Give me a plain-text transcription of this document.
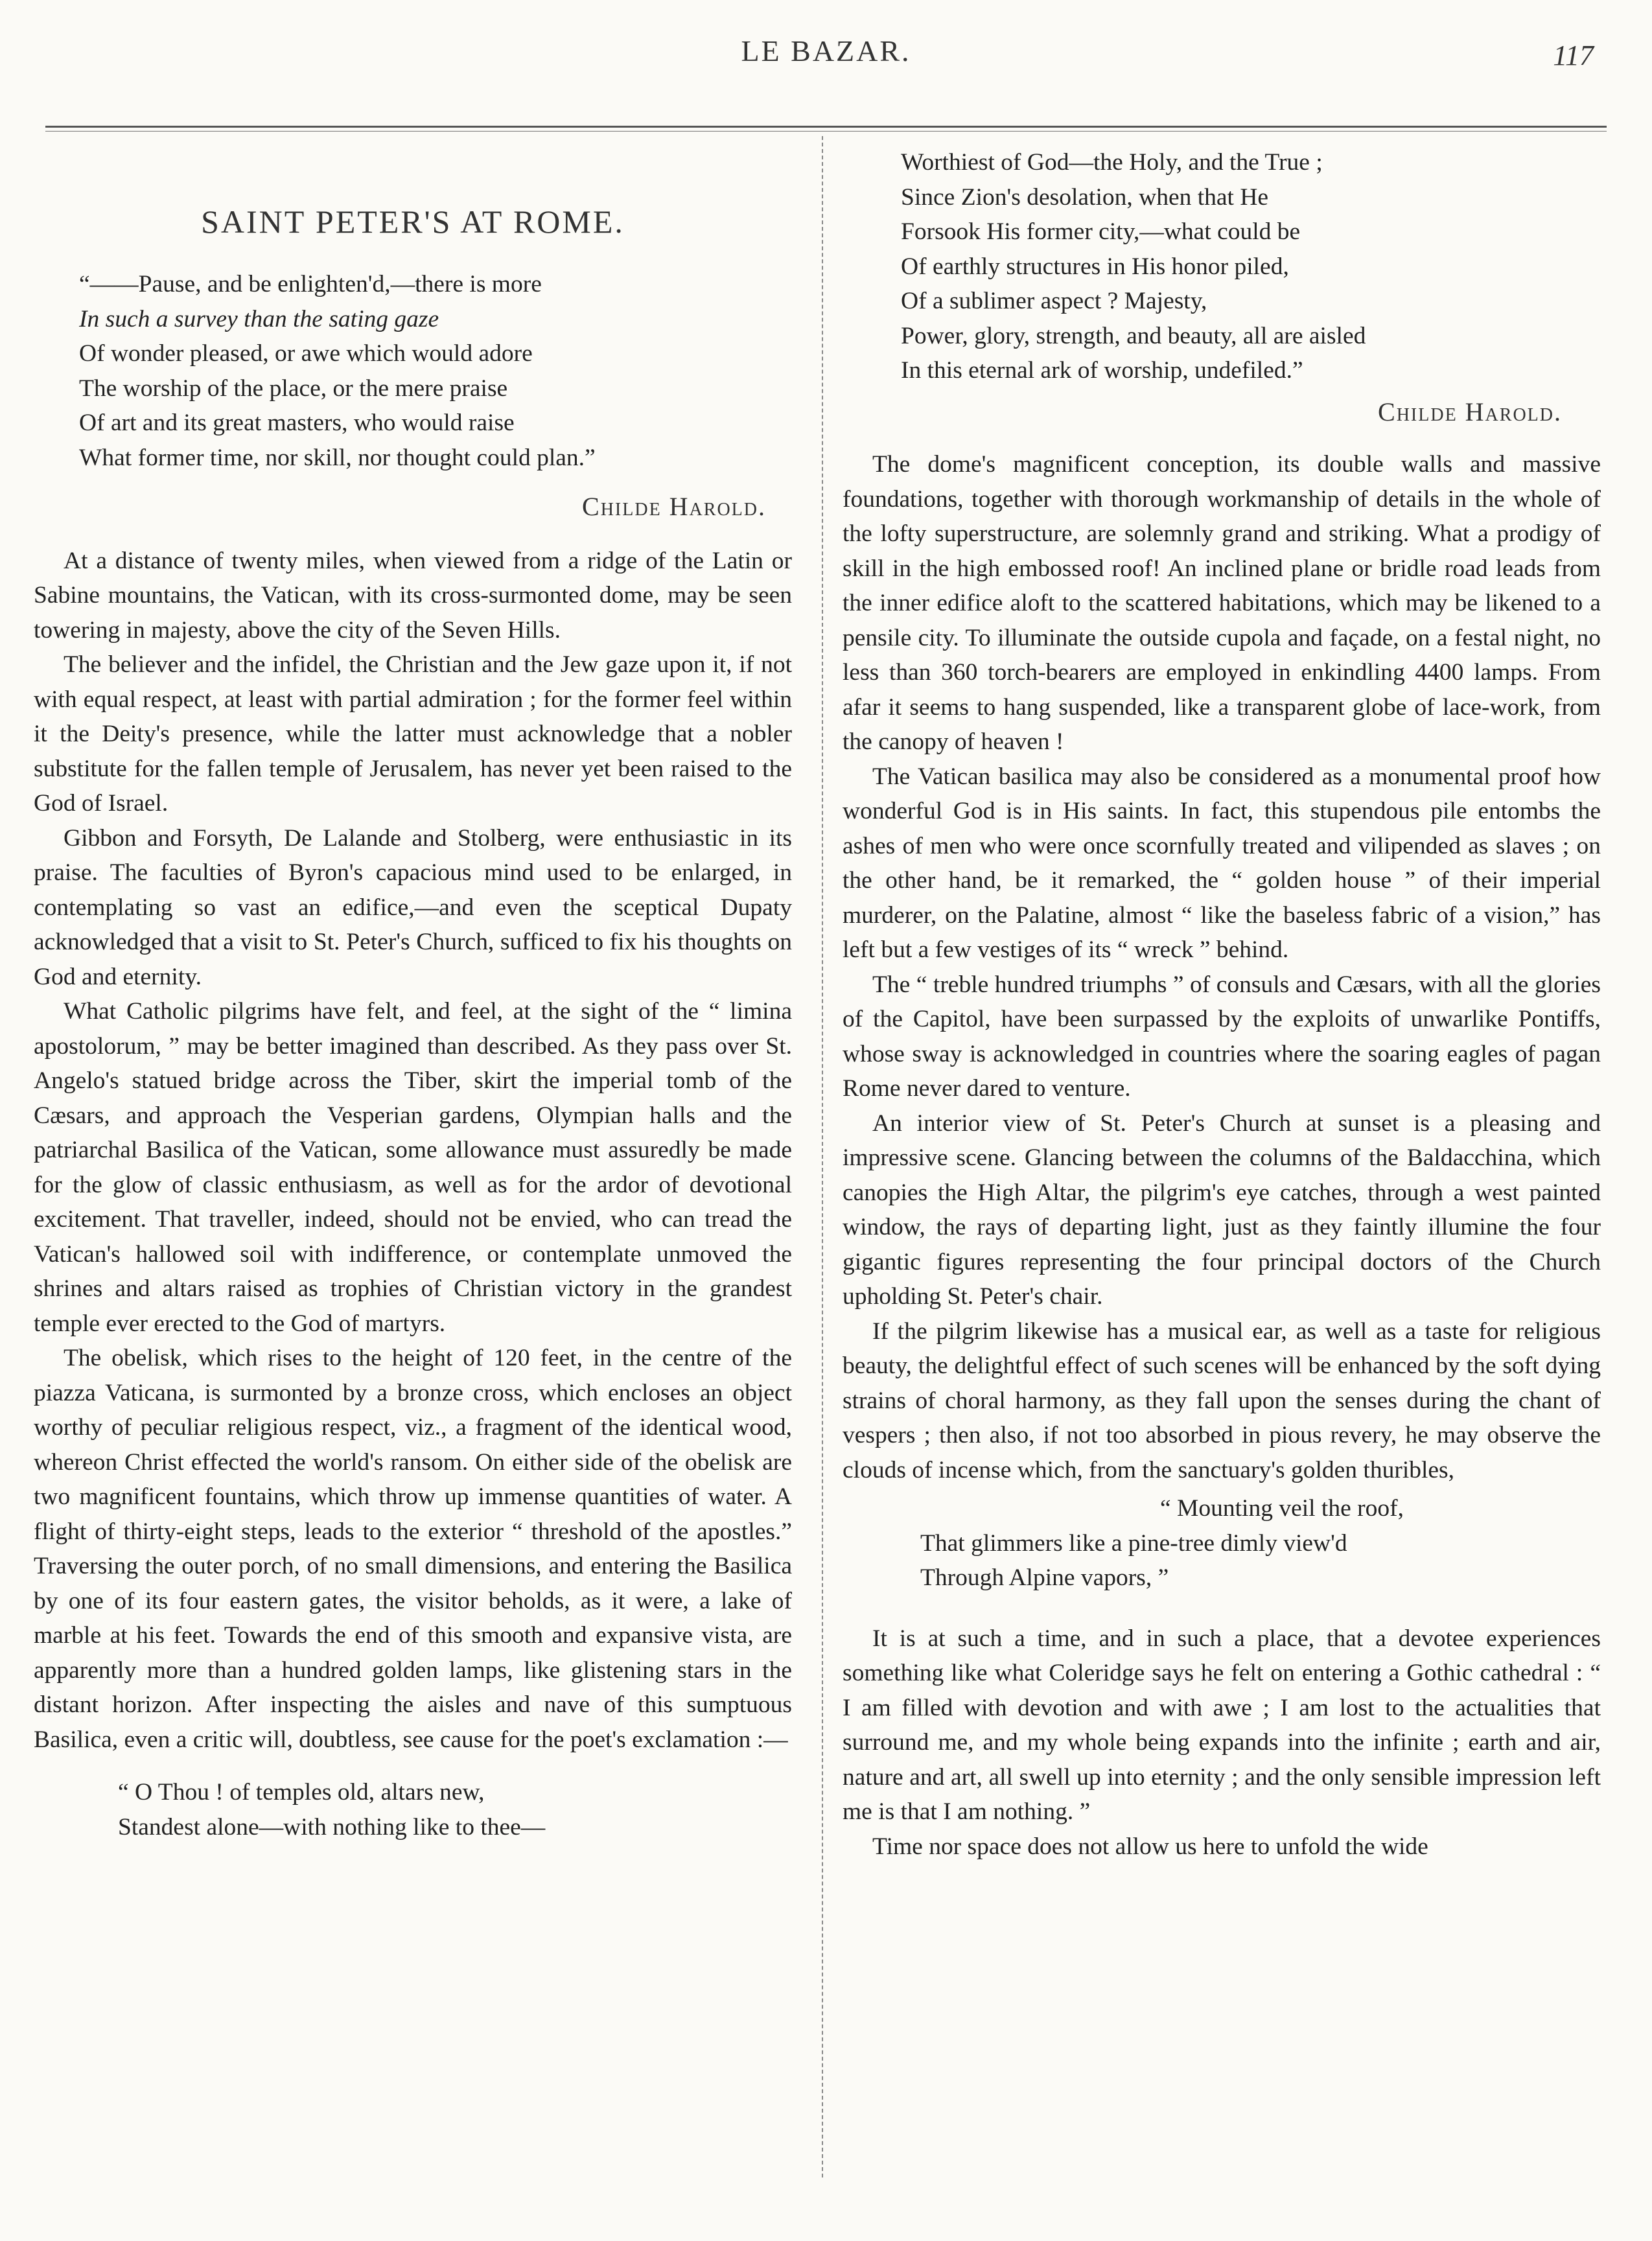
LE BAZAR.	117
SAINT PETER'S AT ROME.
“——Pause, and be enlighten'd,—there is more
In such a survey than the sating gaze
Of wonder pleased, or awe which would adore
The worship of the place, or the mere praise
Of art and its great masters, who would raise
What former time, nor skill, nor thought could plan.”
Childe Harold.

At a distance of twenty miles, when viewed from a ridge of the Latin or Sabine mountains, the Vatican, with its cross-surmonted dome, may be seen towering in majesty, above the city of the Seven Hills.

The believer and the infidel, the Christian and the Jew gaze upon it, if not with equal respect, at least with partial admiration ; for the former feel within it the Deity's presence, while the latter must acknowledge that a nobler substitute for the fallen temple of Jerusalem, has never yet been raised to the God of Israel.

Gibbon and Forsyth, De Lalande and Stolberg, were enthusiastic in its praise. The faculties of Byron's capacious mind used to be enlarged, in contemplating so vast an edifice,—and even the sceptical Dupaty acknowledged that a visit to St. Peter's Church, sufficed to fix his thoughts on God and eternity.

What Catholic pilgrims have felt, and feel, at the sight of the “ limina apostolorum, ” may be better imagined than described. As they pass over St. Angelo's statued bridge across the Tiber, skirt the imperial tomb of the Cæsars, and approach the Vesperian gardens, Olympian halls and the patriarchal Basilica of the Vatican, some allowance must assuredly be made for the glow of classic enthusiasm, as well as for the ardor of devotional excitement. That traveller, indeed, should not be envied, who can tread the Vatican's hallowed soil with indifference, or contemplate unmoved the shrines and altars raised as trophies of Christian victory in the grandest temple ever erected to the God of martyrs.

The obelisk, which rises to the height of 120 feet, in the centre of the piazza Vaticana, is surmonted by a bronze cross, which encloses an object worthy of peculiar religious respect, viz., a fragment of the identical wood, whereon Christ effected the world's ransom. On either side of the obelisk are two magnificent fountains, which throw up immense quantities of water. A flight of thirty-eight steps, leads to the exterior “ threshold of the apostles.” Traversing the outer porch, of no small dimensions, and entering the Basilica by one of its four eastern gates, the visitor beholds, as it were, a lake of marble at his feet. Towards the end of this smooth and expansive vista, are apparently more than a hundred golden lamps, like glistening stars in the distant horizon. After inspecting the aisles and nave of this sumptuous Basilica, even a critic will, doubtless, see cause for the poet's exclamation :—

“ O Thou ! of temples old, altars new,
Standest alone—with nothing like to thee—
Worthiest of God—the Holy, and the True ;
Since Zion's desolation, when that He
Forsook His former city,—what could be
Of earthly structures in His honor piled,
Of a sublimer aspect ? Majesty,
Power, glory, strength, and beauty, all are aisled
In this eternal ark of worship, undefiled.”
Childe Harold.

The dome's magnificent conception, its double walls and massive foundations, together with thorough workmanship of details in the whole of the lofty superstructure, are solemnly grand and striking. What a prodigy of skill in the high embossed roof! An inclined plane or bridle road leads from the inner edifice aloft to the scattered habitations, which may be likened to a pensile city. To illuminate the outside cupola and façade, on a festal night, no less than 360 torch-bearers are employed in enkindling 4400 lamps. From afar it seems to hang suspended, like a transparent globe of lace-work, from the canopy of heaven !

The Vatican basilica may also be considered as a monumental proof how wonderful God is in His saints. In fact, this stupendous pile entombs the ashes of men who were once scornfully treated and vilipended as slaves ; on the other hand, be it remarked, the “ golden house ” of their imperial murderer, on the Palatine, almost “ like the baseless fabric of a vision,” has left but a few vestiges of its “ wreck ” behind.

The “ treble hundred triumphs ” of consuls and Cæsars, with all the glories of the Capitol, have been surpassed by the exploits of unwarlike Pontiffs, whose sway is acknowledged in countries where the soaring eagles of pagan Rome never dared to venture.

An interior view of St. Peter's Church at sunset is a pleasing and impressive scene. Glancing between the columns of the Baldacchina, which canopies the High Altar, the pilgrim's eye catches, through a west painted window, the rays of departing light, just as they faintly illumine the four gigantic figures representing the four principal doctors of the Church upholding St. Peter's chair.

If the pilgrim likewise has a musical ear, as well as a taste for religious beauty, the delightful effect of such scenes will be enhanced by the soft dying strains of choral harmony, as they fall upon the senses during the chant of vespers ; then also, if not too absorbed in pious revery, he may observe the clouds of incense which, from the sanctuary's golden thuribles,

“ Mounting veil the roof,
That glimmers like a pine-tree dimly view'd
Through Alpine vapors, ”

It is at such a time, and in such a place, that a devotee experiences something like what Coleridge says he felt on entering a Gothic cathedral : “ I am filled with devotion and with awe ; I am lost to the actualities that surround me, and my whole being expands into the infinite ; earth and air, nature and art, all swell up into eternity ; and the only sensible impression left me is that I am nothing. ”

Time nor space does not allow us here to unfold the wide
